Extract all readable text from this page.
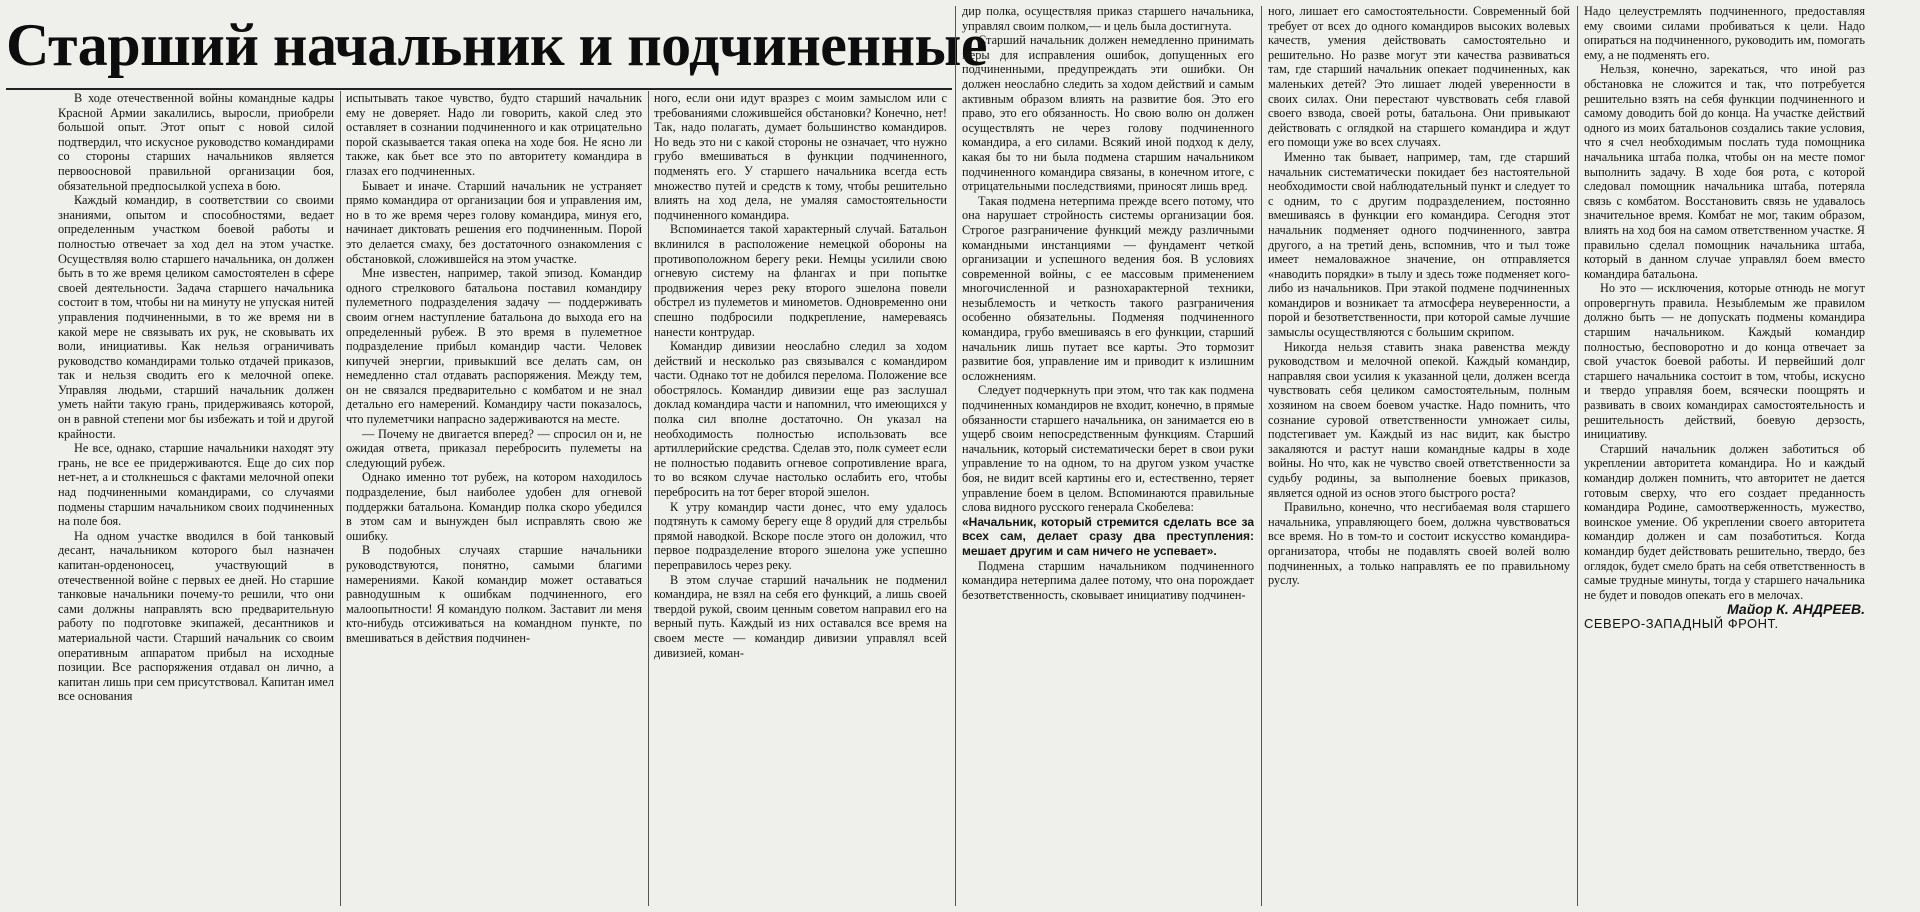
Старший начальник и подчиненные

В ходе отечественной войны командные кадры Красной Армии закалились, выросли, приобрели большой опыт. Этот опыт с новой силой подтвердил, что искусное руководство командирами со стороны старших начальников является первоосновой правильной организации боя, обязательной предпосылкой успеха в бою.

Каждый командир, в соответствии со своими знаниями, опытом и способностями, ведает определенным участком боевой работы и полностью отвечает за ход дел на этом участке. Осуществляя волю старшего начальника, он должен быть в то же время целиком самостоятелен в сфере своей деятельности. Задача старшего начальника состоит в том, чтобы ни на минуту не упуская нитей управления подчиненными, в то же время ни в какой мере не связывать их рук, не сковывать их воли, инициативы. Как нельзя ограничивать руководство командирами только отдачей приказов, так и нельзя сводить его к мелочной опеке. Управляя людьми, старший начальник должен уметь найти такую грань, придерживаясь которой, он в равной степени мог бы избежать и той и другой крайности.

Не все, однако, старшие начальники находят эту грань, не все ее придерживаются. Еще до сих пор нет-нет, а и столкнешься с фактами мелочной опеки над подчиненными командирами, со случаями подмены старшим начальником своих подчиненных на поле боя.

На одном участке вводился в бой танковый десант, начальником которого был назначен капитан-орденоносец, участвующий в отечественной войне с первых ее дней. Но старшие танковые начальники почему-то решили, что они сами должны направлять всю предварительную работу по подготовке экипажей, десантников и материальной части. Старший начальник со своим оперативным аппаратом прибыл на исходные позиции. Все распоряжения отдавал он лично, а капитан лишь при сем присутствовал. Капитан имел все основания

испытывать такое чувство, будто старший начальник ему не доверяет. Надо ли говорить, какой след это оставляет в сознании подчиненного и как отрицательно порой сказывается такая опека на ходе боя. Не ясно ли также, как бьет все это по авторитету командира в глазах его подчиненных.

Бывает и иначе. Старший начальник не устраняет прямо командира от организации боя и управления им, но в то же время через голову командира, минуя его, начинает диктовать решения его подчиненным. Порой это делается смаху, без достаточного ознакомления с обстановкой, сложившейся на этом участке.

Мне известен, например, такой эпизод. Командир одного стрелкового батальона поставил командиру пулеметного подразделения задачу — поддерживать своим огнем наступление батальона до выхода его на определенный рубеж. В это время в пулеметное подразделение прибыл командир части. Человек кипучей энергии, привыкший все делать сам, он немедленно стал отдавать распоряжения. Между тем, он не связался предварительно с комбатом и не знал детально его намерений. Командиру части показалось, что пулеметчики напрасно задерживаются на месте.

— Почему не двигается вперед? — спросил он и, не ожидая ответа, приказал перебросить пулеметы на следующий рубеж.

Однако именно тот рубеж, на котором находилось подразделение, был наиболее удобен для огневой поддержки батальона. Командир полка скоро убедился в этом сам и вынужден был исправлять свою же ошибку.

В подобных случаях старшие начальники руководствуются, понятно, самыми благими намерениями. Какой командир может оставаться равнодушным к ошибкам подчиненного, его малоопытности! Я командую полком. Заставит ли меня кто-нибудь отсиживаться на командном пункте, по вмешиваться в действия подчинен-

ного, если они идут вразрез с моим замыслом или с требованиями сложившейся обстановки? Конечно, нет! Так, надо полагать, думает большинство командиров. Но ведь это ни с какой стороны не означает, что нужно грубо вмешиваться в функции подчиненного, подменять его. У старшего начальника всегда есть множество путей и средств к тому, чтобы решительно влиять на ход дела, не умаляя самостоятельности подчиненного командира.

Вспоминается такой характерный случай. Батальон вклинился в расположение немецкой обороны на противоположном берегу реки. Немцы усилили свою огневую систему на флангах и при попытке продвижения через реку второго эшелона повели обстрел из пулеметов и минометов. Одновременно они спешно подбросили подкрепление, намереваясь нанести контрудар.

Командир дивизии неослабно следил за ходом действий и несколько раз связывался с командиром части. Однако тот не добился перелома. Положение все обострялось. Командир дивизии еще раз заслушал доклад командира части и напомнил, что имеющихся у полка сил вполне достаточно. Он указал на необходимость полностью использовать все артиллерийские средства. Сделав это, полк сумеет если не полностью подавить огневое сопротивление врага, то во всяком случае настолько ослабить его, чтобы перебросить на тот берег второй эшелон.

К утру командир части донес, что ему удалось подтянуть к самому берегу еще 8 орудий для стрельбы прямой наводкой. Вскоре после этого он доложил, что первое подразделение второго эшелона уже успешно переправилось через реку.

В этом случае старший начальник не подменил командира, не взял на себя его функций, а лишь своей твердой рукой, своим ценным советом направил его на верный путь. Каждый из них оставался все время на своем месте — командир дивизии управлял всей дивизией, коман-

дир полка, осуществляя приказ старшего начальника, управлял своим полком,— и цель была достигнута.

Старший начальник должен немедленно принимать меры для исправления ошибок, допущенных его подчиненными, предупреждать эти ошибки. Он должен неослабно следить за ходом действий и самым активным образом влиять на развитие боя. Это его право, это его обязанность. Но свою волю он должен осуществлять не через голову подчиненного командира, а его силами. Всякий иной подход к делу, какая бы то ни была подмена старшим начальником подчиненного командира связаны, в конечном итоге, с отрицательными последствиями, приносят лишь вред.

Такая подмена нетерпима прежде всего потому, что она нарушает стройность системы организации боя. Строгое разграничение функций между различными командными инстанциями — фундамент четкой организации и успешного ведения боя. В условиях современной войны, с ее массовым применением многочисленной и разнохарактерной техники, незыблемость и четкость такого разграничения особенно обязательны. Подменяя подчиненного командира, грубо вмешиваясь в его функции, старший начальник лишь путает все карты. Это тормозит развитие боя, управление им и приводит к излишним осложнениям.

Следует подчеркнуть при этом, что так как подмена подчиненных командиров не входит, конечно, в прямые обязанности старшего начальника, он занимается ею в ущерб своим непосредственным функциям. Старший начальник, который систематически берет в свои руки управление то на одном, то на другом узком участке боя, не видит всей картины его и, естественно, теряет управление боем в целом. Вспоминаются правильные слова видного русского генерала Скобелева:

«Начальник, который стремится сделать все за всех сам, делает сразу два преступления: мешает другим и сам ничего не успевает».

Подмена старшим начальником подчиненного командира нетерпима далее потому, что она порождает безответственность, сковывает инициативу подчинен-

ного, лишает его самостоятельности. Современный бой требует от всех до одного командиров высоких волевых качеств, умения действовать самостоятельно и решительно. Но разве могут эти качества развиваться там, где старший начальник опекает подчиненных, как маленьких детей? Это лишает людей уверенности в своих силах. Они перестают чувствовать себя главой своего взвода, своей роты, батальона. Они привыкают действовать с оглядкой на старшего командира и ждут его помощи уже во всех случаях.

Именно так бывает, например, там, где старший начальник систематически покидает без настоятельной необходимости свой наблюдательный пункт и следует то с одним, то с другим подразделением, постоянно вмешиваясь в функции его командира. Сегодня этот начальник подменяет одного подчиненного, завтра другого, а на третий день, вспомнив, что и тыл тоже имеет немаловажное значение, он отправляется «наводить порядки» в тылу и здесь тоже подменяет кого-либо из начальников. При этакой подмене подчиненных командиров и возникает та атмосфера неуверенности, а порой и безответственности, при которой самые лучшие замыслы осуществляются с большим скрипом.

Никогда нельзя ставить знака равенства между руководством и мелочной опекой. Каждый командир, направляя свои усилия к указанной цели, должен всегда чувствовать себя целиком самостоятельным, полным хозяином на своем боевом участке. Надо помнить, что сознание суровой ответственности умножает силы, подстегивает ум. Каждый из нас видит, как быстро закаляются и растут наши командные кадры в ходе войны. Но что, как не чувство своей ответственности за судьбу родины, за выполнение боевых приказов, является одной из основ этого быстрого роста?

Правильно, конечно, что несгибаемая воля старшего начальника, управляющего боем, должна чувствоваться все время. Но в том-то и состоит искусство командира-организатора, чтобы не подавлять своей волей волю подчиненных, а только направлять ее по правильному руслу.

Надо целеустремлять подчиненного, предоставляя ему своими силами пробиваться к цели. Надо опираться на подчиненного, руководить им, помогать ему, а не подменять его.

Нельзя, конечно, зарекаться, что иной раз обстановка не сложится и так, что потребуется решительно взять на себя функции подчиненного и самому доводить бой до конца. На участке действий одного из моих батальонов создались такие условия, что я счел необходимым послать туда помощника начальника штаба полка, чтобы он на месте помог выполнить задачу. В ходе боя рота, с которой следовал помощник начальника штаба, потеряла связь с комбатом. Восстановить связь не удавалось значительное время. Комбат не мог, таким образом, влиять на ход боя на самом ответственном участке. Я правильно сделал помощник начальника штаба, который в данном случае управлял боем вместо командира батальона.

Но это — исключения, которые отнюдь не могут опровергнуть правила. Незыблемым же правилом должно быть — не допускать подмены командира старшим начальником. Каждый командир полностью, бесповоротно и до конца отвечает за свой участок боевой работы. И первейший долг старшего начальника состоит в том, чтобы, искусно и твердо управляя боем, всячески поощрять и развивать в своих командирах самостоятельность и решительность действий, боевую дерзость, инициативу.

Старший начальник должен заботиться об укреплении авторитета командира. Но и каждый командир должен помнить, что авторитет не дается готовым сверху, что его создает преданность командира Родине, самоотверженность, мужество, воинское умение. Об укреплении своего авторитета командир должен и сам позаботиться. Когда командир будет действовать решительно, твердо, без оглядок, будет смело брать на себя ответственность в самые трудные минуты, тогда у старшего начальника не будет и поводов опекать его в мелочах.

Майор К. АНДРЕЕВ.

СЕВЕРО-ЗАПАДНЫЙ ФРОНТ.
